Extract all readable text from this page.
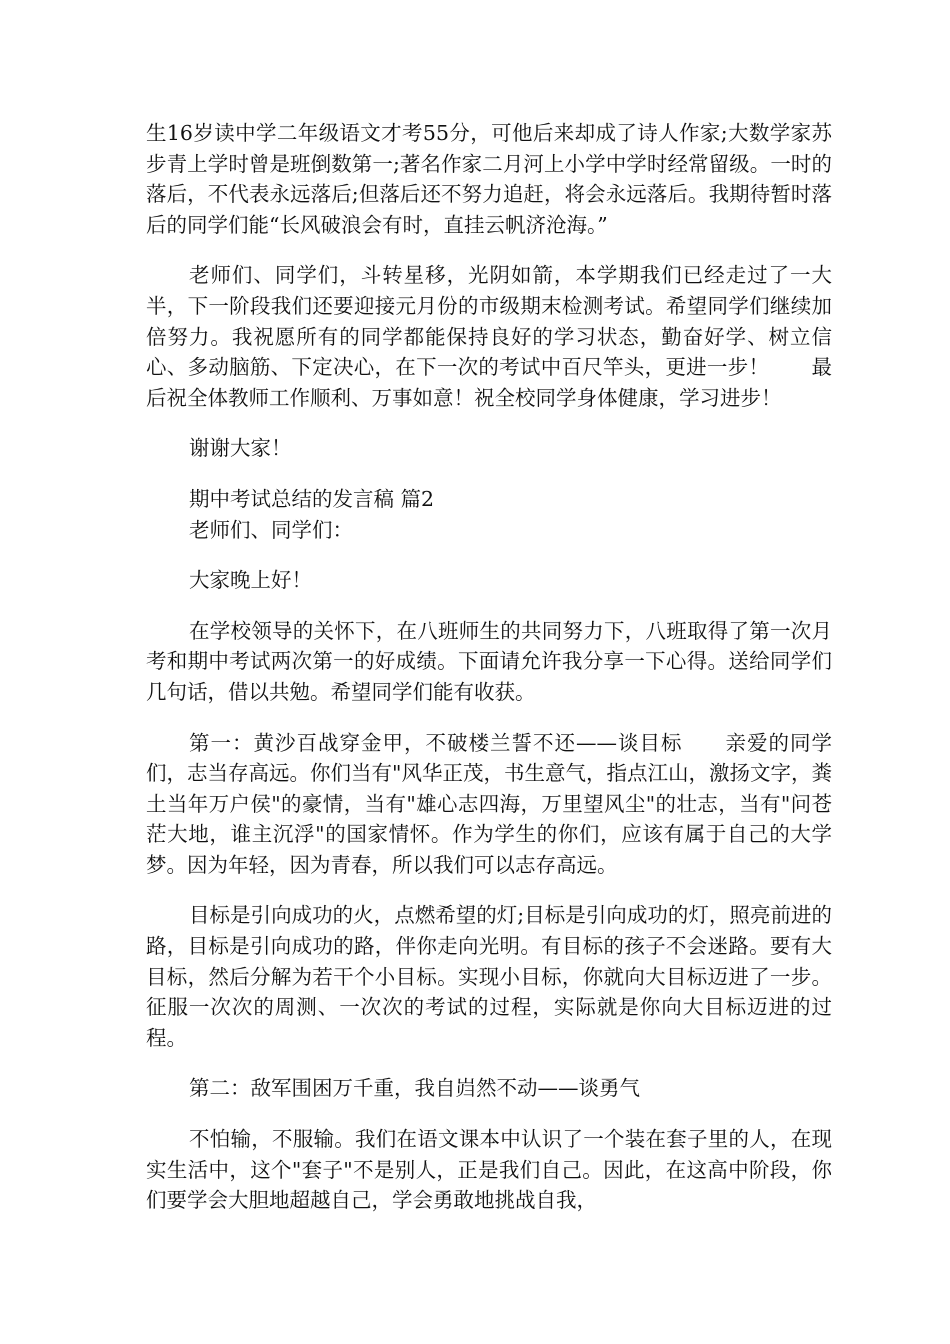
生16岁读中学二年级语文才考55分，可他后来却成了诗人作家;大数学家苏步青上学时曾是班倒数第一;著名作家二月河上小学中学时经常留级。一时的落后，不代表永远落后;但落后还不努力追赶，将会永远落后。我期待暂时落后的同学们能“长风破浪会有时，直挂云帆济沧海。”

老师们、同学们，斗转星移，光阴如箭，本学期我们已经走过了一大半，下一阶段我们还要迎接元月份的市级期末检测考试。希望同学们继续加倍努力。我祝愿所有的同学都能保持良好的学习状态，勤奋好学、树立信心、多动脑筋、下定决心，在下一次的考试中百尺竿头，更进一步！ 最后祝全体教师工作顺利、万事如意！祝全校同学身体健康，学习进步！

谢谢大家！

期中考试总结的发言稿 篇2

老师们、同学们：

大家晚上好！

在学校领导的关怀下，在八班师生的共同努力下，八班取得了第一次月考和期中考试两次第一的好成绩。下面请允许我分享一下心得。送给同学们几句话，借以共勉。希望同学们能有收获。

第一：黄沙百战穿金甲，不破楼兰誓不还——谈目标 亲爱的同学们，志当存高远。你们当有"风华正茂，书生意气，指点江山，激扬文字，粪土当年万户侯"的豪情，当有"雄心志四海，万里望风尘"的壮志，当有"问苍茫大地，谁主沉浮"的国家情怀。作为学生的你们，应该有属于自己的大学梦。因为年轻，因为青春，所以我们可以志存高远。

目标是引向成功的火，点燃希望的灯;目标是引向成功的灯，照亮前进的路，目标是引向成功的路，伴你走向光明。有目标的孩子不会迷路。要有大目标，然后分解为若干个小目标。实现小目标，你就向大目标迈进了一步。征服一次次的周测、一次次的考试的过程，实际就是你向大目标迈进的过程。

第二：敌军围困万千重，我自岿然不动——谈勇气

不怕输，不服输。我们在语文课本中认识了一个装在套子里的人，在现实生活中，这个"套子"不是别人，正是我们自己。因此，在这高中阶段，你们要学会大胆地超越自己，学会勇敢地挑战自我，
